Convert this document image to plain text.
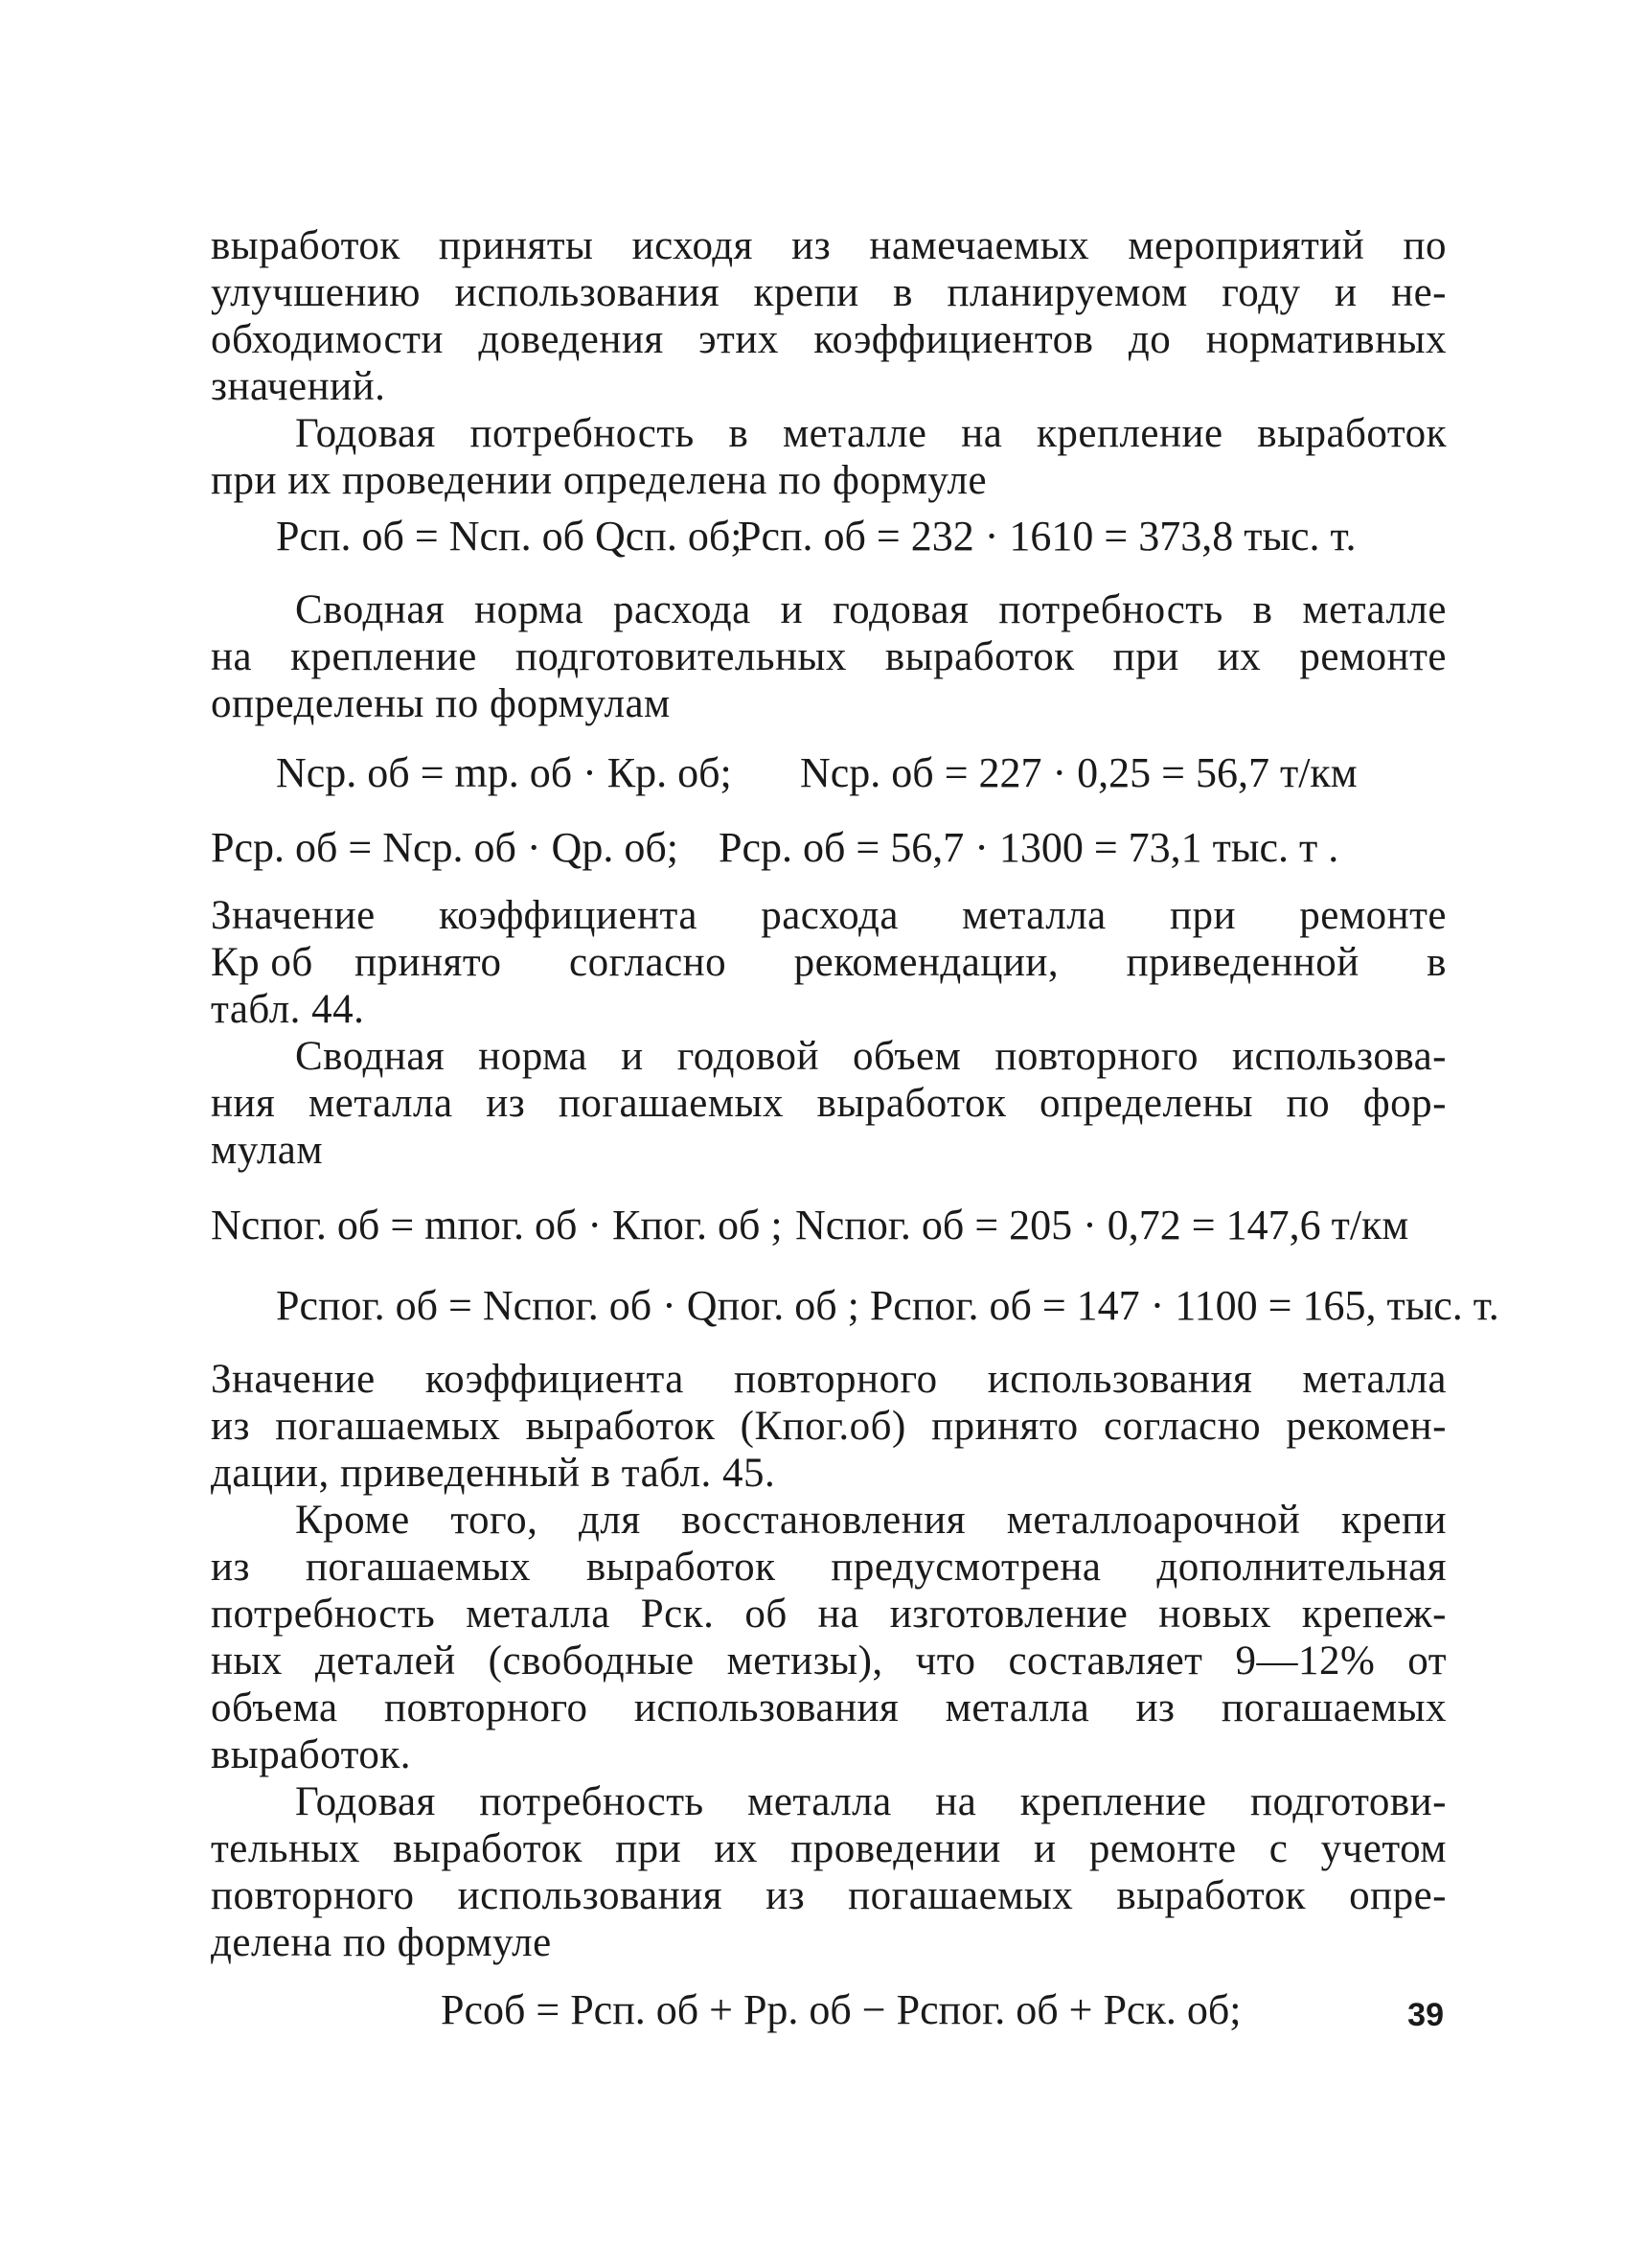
выработок приняты исходя из намечаемых мероприятий по
улучшению использования крепи в планируемом году и не-
обходимости доведения этих коэффициентов до нормативных
значений.
Годовая потребность в металле на крепление выработок
при их проведении определена по формуле
Рсп. об = Nсп. об Qсп. об;
Рсп. об = 232 · 1610 = 373,8 тыс. т.
Сводная норма расхода и годовая потребность в металле
на крепление подготовительных выработок при их ремонте
определены по формулам
Nср. об = mр. об · Кр. об; Nср. об = 227 · 0,25 = 56,7 т/км
Рср. об = Nср. об · Qр. об; Рср. об = 56,7 · 1300 = 73,1 тыс. т .
Значение коэффициента расхода металла при ремонте
Кр об	принято согласно рекомендации, приведенной в
табл. 44.
Сводная норма и годовой объем повторного использова-
ния металла из погашаемых выработок определены по фор-
мулам
Nспог. об = mпог. об · Кпог. об ; Nспог. об = 205 · 0,72 = 147,6 т/км
Рспог. об = Nспог. об · Qпог. об ; Рспог. об = 147 · 1100 = 165, тыс. т.
Значение коэффициента повторного использования металла
из погашаемых выработок (Кпог.об) принято согласно рекомен-
дации, приведенный в табл. 45.
Кроме того, для восстановления металлоарочной крепи
из погашаемых выработок предусмотрена дополнительная
потребность металла Рск. об на изготовление новых крепеж-
ных деталей (свободные метизы), что составляет 9—12% от
объема повторного использования металла из погашаемых
выработок.
Годовая потребность металла на крепление подготови-
тельных выработок при их проведении и ремонте с учетом
повторного использования из погашаемых выработок опре-
делена по формуле
Рсоб = Рсп. об + Рр. об − Рспог. об + Рск. об;	39
